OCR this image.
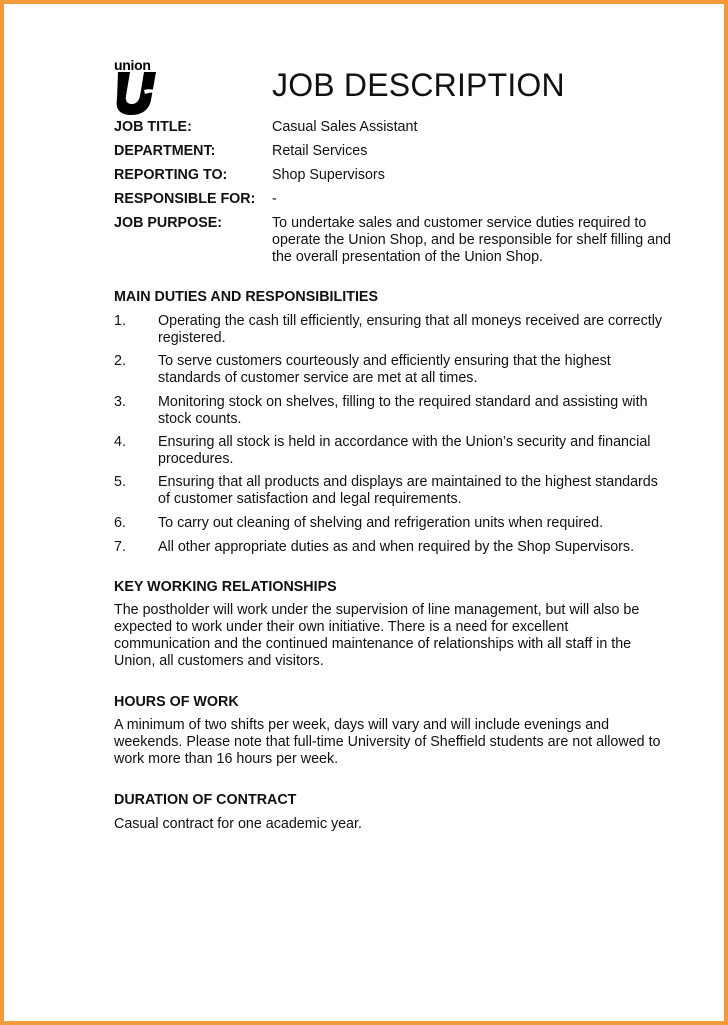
union
JOB DESCRIPTION
JOB TITLE:	Casual Sales Assistant
DEPARTMENT:	Retail Services
REPORTING TO:	Shop Supervisors
RESPONSIBLE FOR: -
JOB PURPOSE:	To undertake sales and customer service duties required to operate the Union Shop, and be responsible for shelf filling and the overall presentation of the Union Shop.
MAIN DUTIES AND RESPONSIBILITIES
1. Operating the cash till efficiently, ensuring that all moneys received are correctly registered.
2. To serve customers courteously and efficiently ensuring that the highest standards of customer service are met at all times.
3. Monitoring stock on shelves, filling to the required standard and assisting with stock counts.
4. Ensuring all stock is held in accordance with the Union’s security and financial procedures.
5. Ensuring that all products and displays are maintained to the highest standards of customer satisfaction and legal requirements.
6. To carry out cleaning of shelving and refrigeration units when required.
7. All other appropriate duties as and when required by the Shop Supervisors.
KEY WORKING RELATIONSHIPS
The postholder will work under the supervision of line management, but will also be expected to work under their own initiative. There is a need for excellent communication and the continued maintenance of relationships with all staff in the Union, all customers and visitors.
HOURS OF WORK
A minimum of two shifts per week, days will vary and will include evenings and weekends. Please note that full-time University of Sheffield students are not allowed to work more than 16 hours per week.
DURATION OF CONTRACT
Casual contract for one academic year.
